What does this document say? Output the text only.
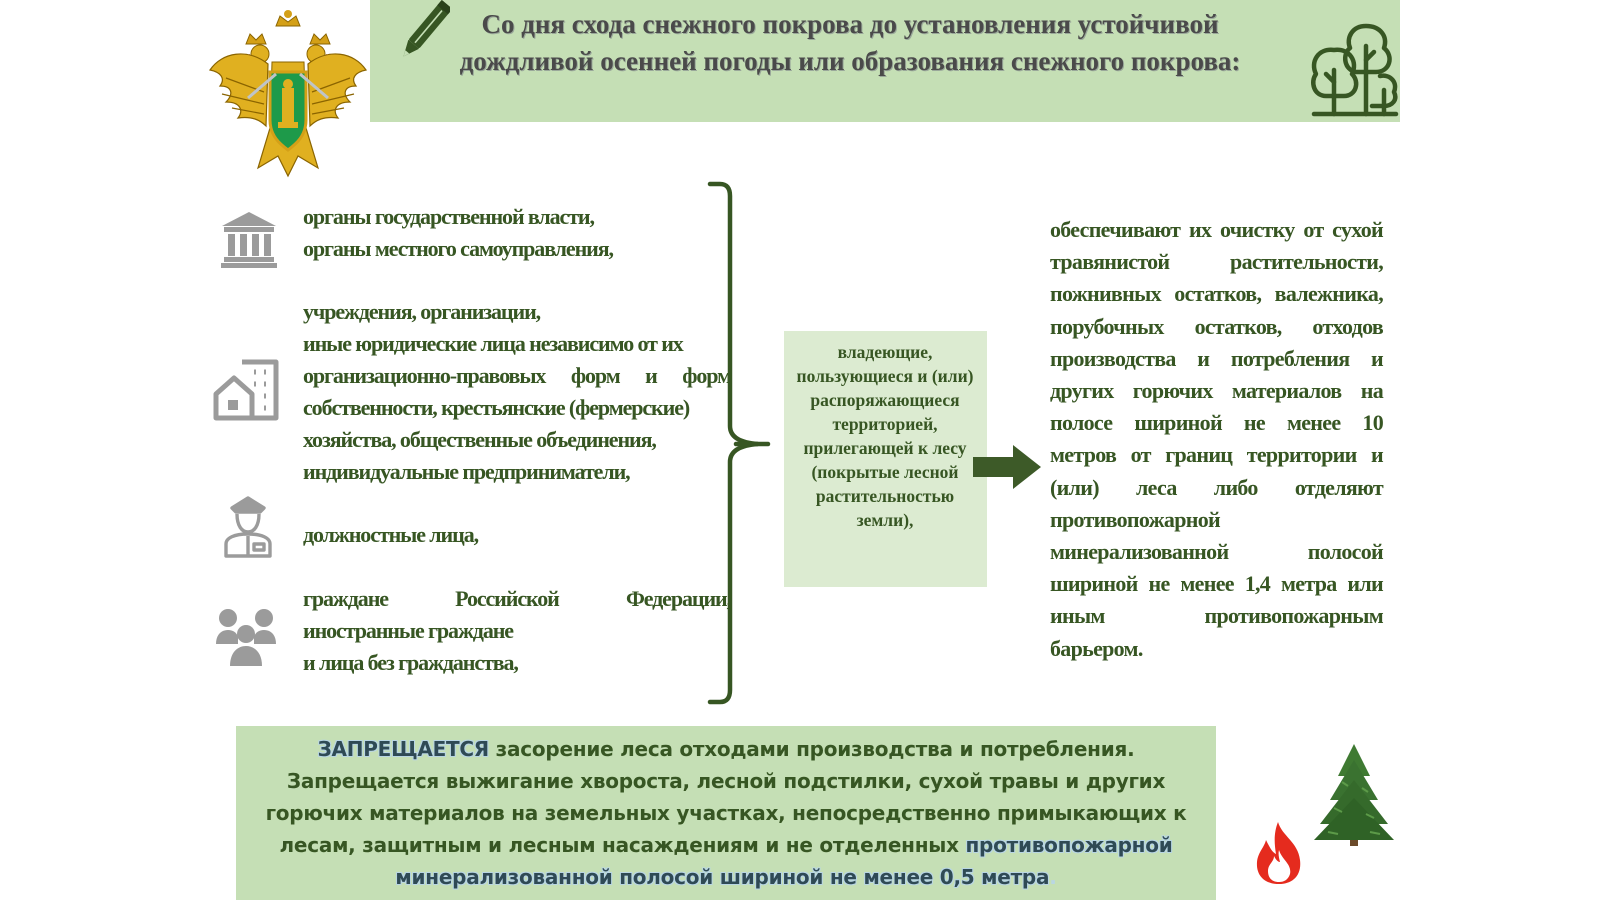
Со дня схода снежного покрова до установления устойчивой дождливой осенней погоды или образования снежного покрова:
органы государственной власти,
органы местного самоуправления,
учреждения, организации,
иные юридические лица независимо от их
организационно-правовых форм и форм
собственности, крестьянские (фермерские)
хозяйства, общественные объединения,
индивидуальные предприниматели,
должностные лица,
граждане Российской Федерации,
иностранные граждане
и лица без гражданства,
владеющие, пользующиеся и (или) распоряжающиеся территорией, прилегающей к лесу (покрытые лесной растительностью земли),
обеспечивают их очистку от сухой травянистой растительности, пожнивных остатков, валежника, порубочных остатков, отходов производства и потребления и других горючих материалов на полосе шириной не менее 10 метров от границ территории и (или) леса либо отделяют противопожарной минерализованной полосой шириной не менее 1,4 метра или иным противопожарным барьером.
ЗАПРЕЩАЕТСЯ засорение леса отходами производства и потребления.
Запрещается выжигание хвороста, лесной подстилки, сухой травы и других горючих материалов на земельных участках, непосредственно примыкающих к лесам, защитным и лесным насаждениям и не отделенных противопожарной минерализованной полосой шириной не менее 0,5 метра.
